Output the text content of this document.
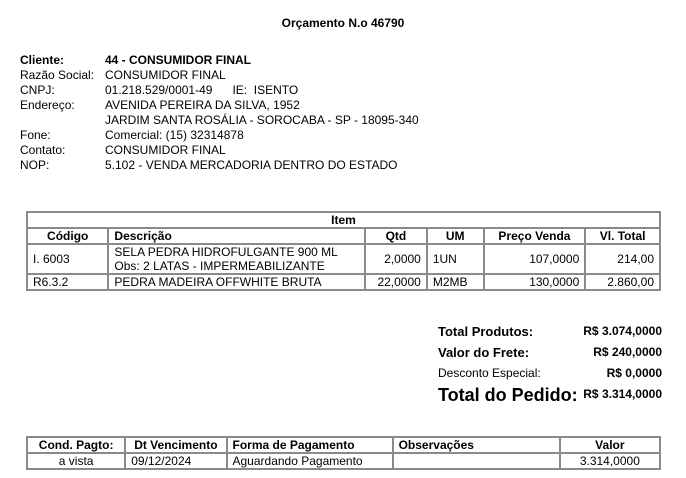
Orçamento N.o 46790
Cliente:	44 - CONSUMIDOR FINAL
Razão Social: CONSUMIDOR FINAL
CNPJ:	01.218.529/0001-49 IE: ISENTO
Endereço:	AVENIDA PEREIRA DA SILVA, 1952
JARDIM SANTA ROSÁLIA - SOROCABA - SP - 18095-340
Fone:	Comercial: (15) 32314878
Contato:	CONSUMIDOR FINAL
NOP:	5.102 - VENDA MERCADORIA DENTRO DO ESTADO
Item					
Código	Descrição	Qtd	UM	Preço Venda	Vl. Total
I. 6003	SELA PEDRA HIDROFULGANTE 900 ML
Obs: 2 LATAS - IMPERMEABILIZANTE	2,0000	1UN	107,0000	214,00
R6.3.2	PEDRA MADEIRA OFFWHITE BRUTA	22,0000	M2MB	130,0000	2.860,00
Total Produtos:	R$ 3.074,0000
Valor do Frete:	R$ 240,0000
Desconto Especial:	R$ 0,0000
Total do Pedido: R$ 3.314,0000
Cond. Pagto:	Dt Vencimento	Forma de Pagamento	Observações	Valor
a vista	09/12/2024	Aguardando Pagamento		3.314,0000
